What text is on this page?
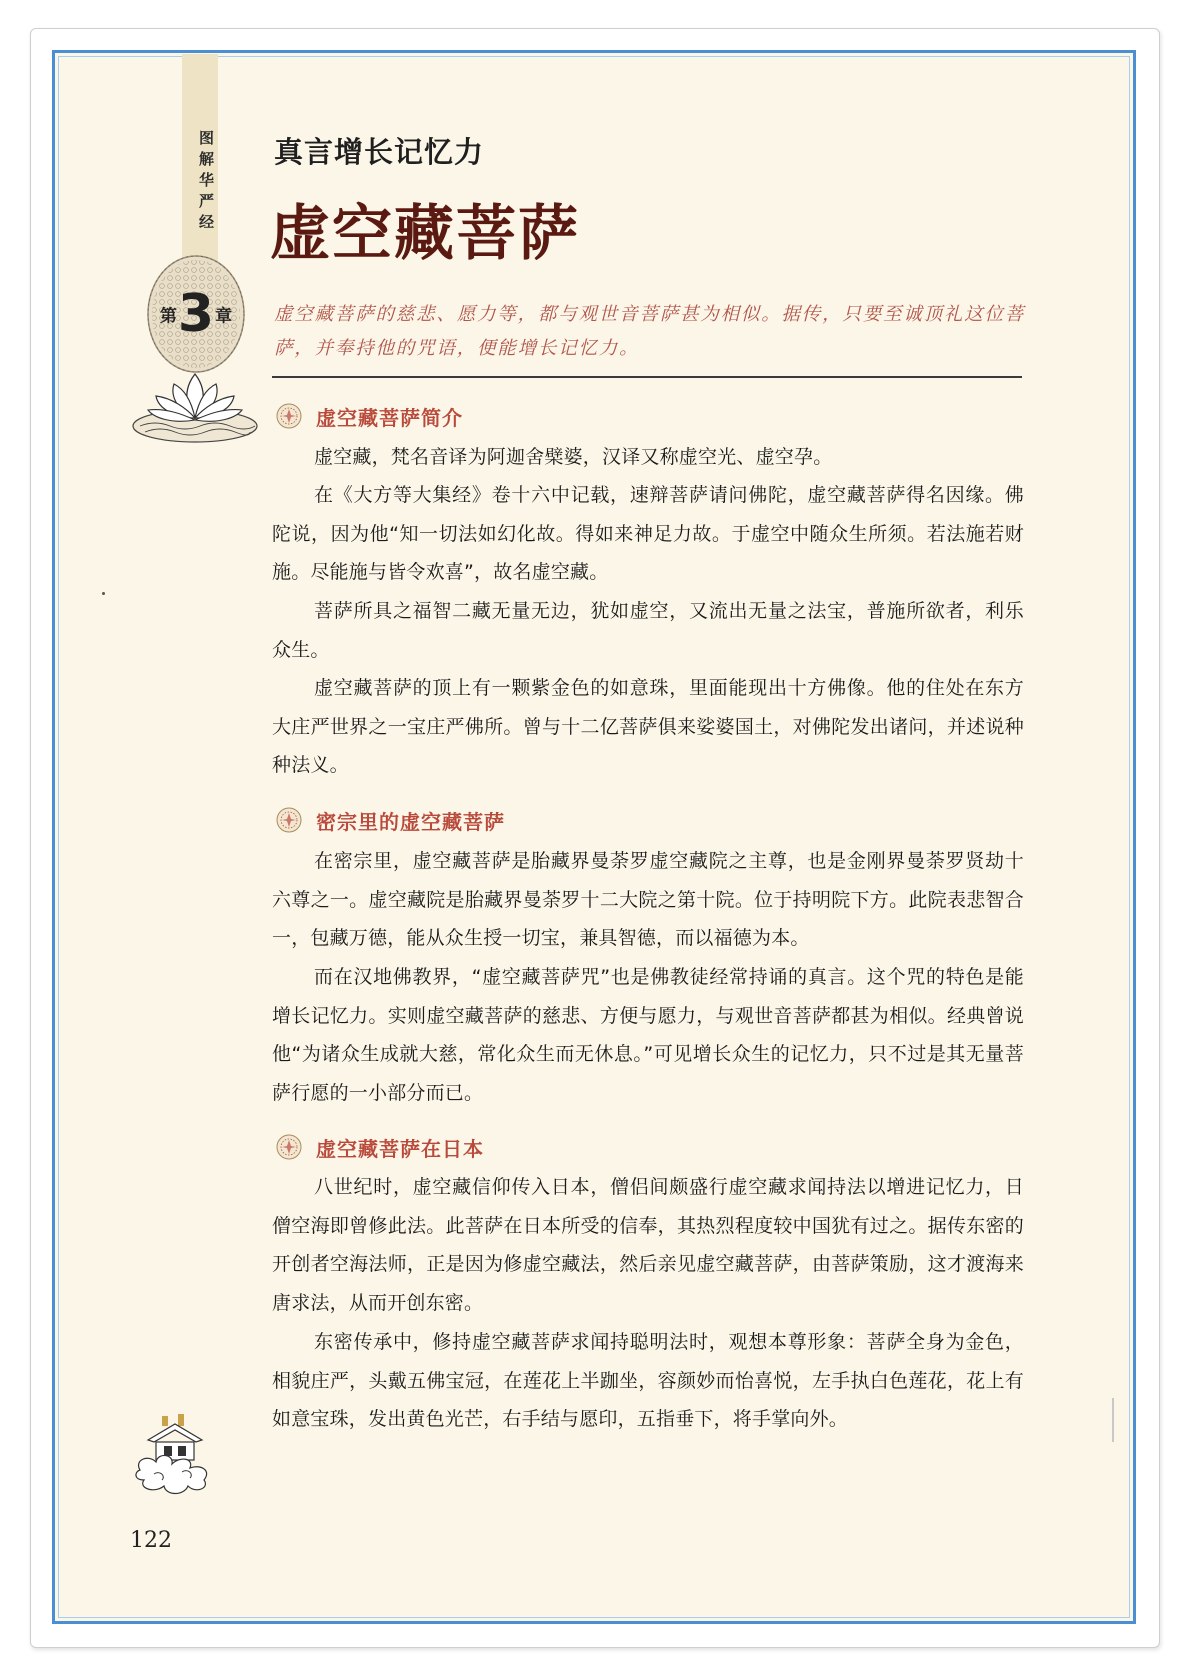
图解华严经
第3章
真言增长记忆力
虚空藏菩萨

虚空藏菩萨的慈悲、愿力等，都与观世音菩萨甚为相似。据传，只要至诚顶礼这位菩萨，并奉持他的咒语，便能增长记忆力。

虚空藏菩萨简介

虚空藏，梵名音译为阿迦舍檗婆，汉译又称虚空光、虚空孕。

在《大方等大集经》卷十六中记载，速辩菩萨请问佛陀，虚空藏菩萨得名因缘。佛陀说，因为他“知一切法如幻化故。得如来神足力故。于虚空中随众生所须。若法施若财施。尽能施与皆令欢喜”，故名虚空藏。

菩萨所具之福智二藏无量无边，犹如虚空，又流出无量之法宝，普施所欲者，利乐众生。

虚空藏菩萨的顶上有一颗紫金色的如意珠，里面能现出十方佛像。他的住处在东方大庄严世界之一宝庄严佛所。曾与十二亿菩萨俱来娑婆国土，对佛陀发出诸问，并述说种种法义。

密宗里的虚空藏菩萨

在密宗里，虚空藏菩萨是胎藏界曼荼罗虚空藏院之主尊，也是金刚界曼荼罗贤劫十六尊之一。虚空藏院是胎藏界曼荼罗十二大院之第十院。位于持明院下方。此院表悲智合一，包藏万德，能从众生授一切宝，兼具智德，而以福德为本。

而在汉地佛教界，“虚空藏菩萨咒”也是佛教徒经常持诵的真言。这个咒的特色是能增长记忆力。实则虚空藏菩萨的慈悲、方便与愿力，与观世音菩萨都甚为相似。经典曾说他“为诸众生成就大慈，常化众生而无休息。”可见增长众生的记忆力，只不过是其无量菩萨行愿的一小部分而已。

虚空藏菩萨在日本

八世纪时，虚空藏信仰传入日本，僧侣间颇盛行虚空藏求闻持法以增进记忆力，日僧空海即曾修此法。此菩萨在日本所受的信奉，其热烈程度较中国犹有过之。据传东密的开创者空海法师，正是因为修虚空藏法，然后亲见虚空藏菩萨，由菩萨策励，这才渡海来唐求法，从而开创东密。

东密传承中，修持虚空藏菩萨求闻持聪明法时，观想本尊形象：菩萨全身为金色，相貌庄严，头戴五佛宝冠，在莲花上半跏坐，容颜妙而怡喜悦，左手执白色莲花，花上有如意宝珠，发出黄色光芒，右手结与愿印，五指垂下，将手掌向外。

122
